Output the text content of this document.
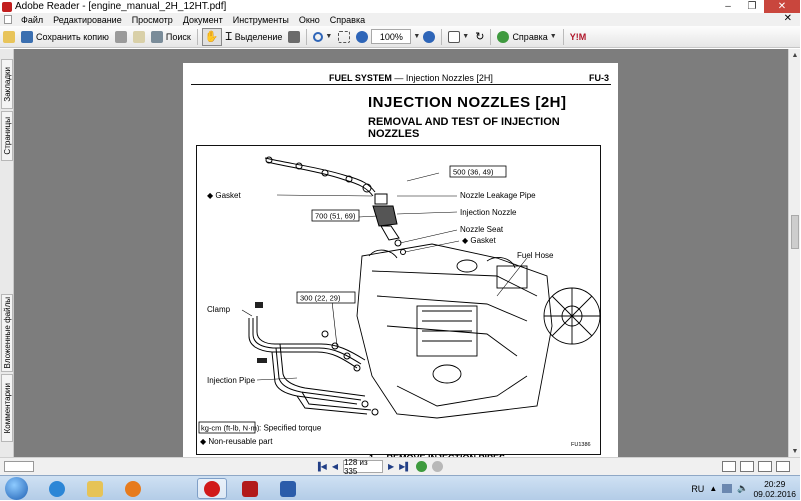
Adobe Reader - [engine_manual_2H_12HT.pdf]	–	❐	✕
Файл	Редактирование	Просмотр	Документ	Инструменты	Окно	Справка	✕
Сохранить копию	Поиск ✋ Ɪ Выделение	▼	100%	▼	▼ ↻	Справка ▼ Y!M
Закладки
Страницы
Вложенные файлы
Комментарии
FUEL SYSTEM — Injection Nozzles [2H]	FU-3
INJECTION NOZZLES [2H]
REMOVAL AND TEST OF INJECTION NOZZLES
500 (36, 49)
◆ Gasket	Nozzle Leakage Pipe
700 (51, 69)	Injection Nozzle
Nozzle Seat
◆ Gasket
Fuel Hose
Clamp
300 (22, 29)
Injection Pipe
kg-cm (ft-lb, N·m) : Specified torque
◆ Non-reusable part	FU1386

▲
▼
▐◀ ◀ 128 из 335	▶ ▶▌
RU ▲ 🔈	20:29
09.02.2016
